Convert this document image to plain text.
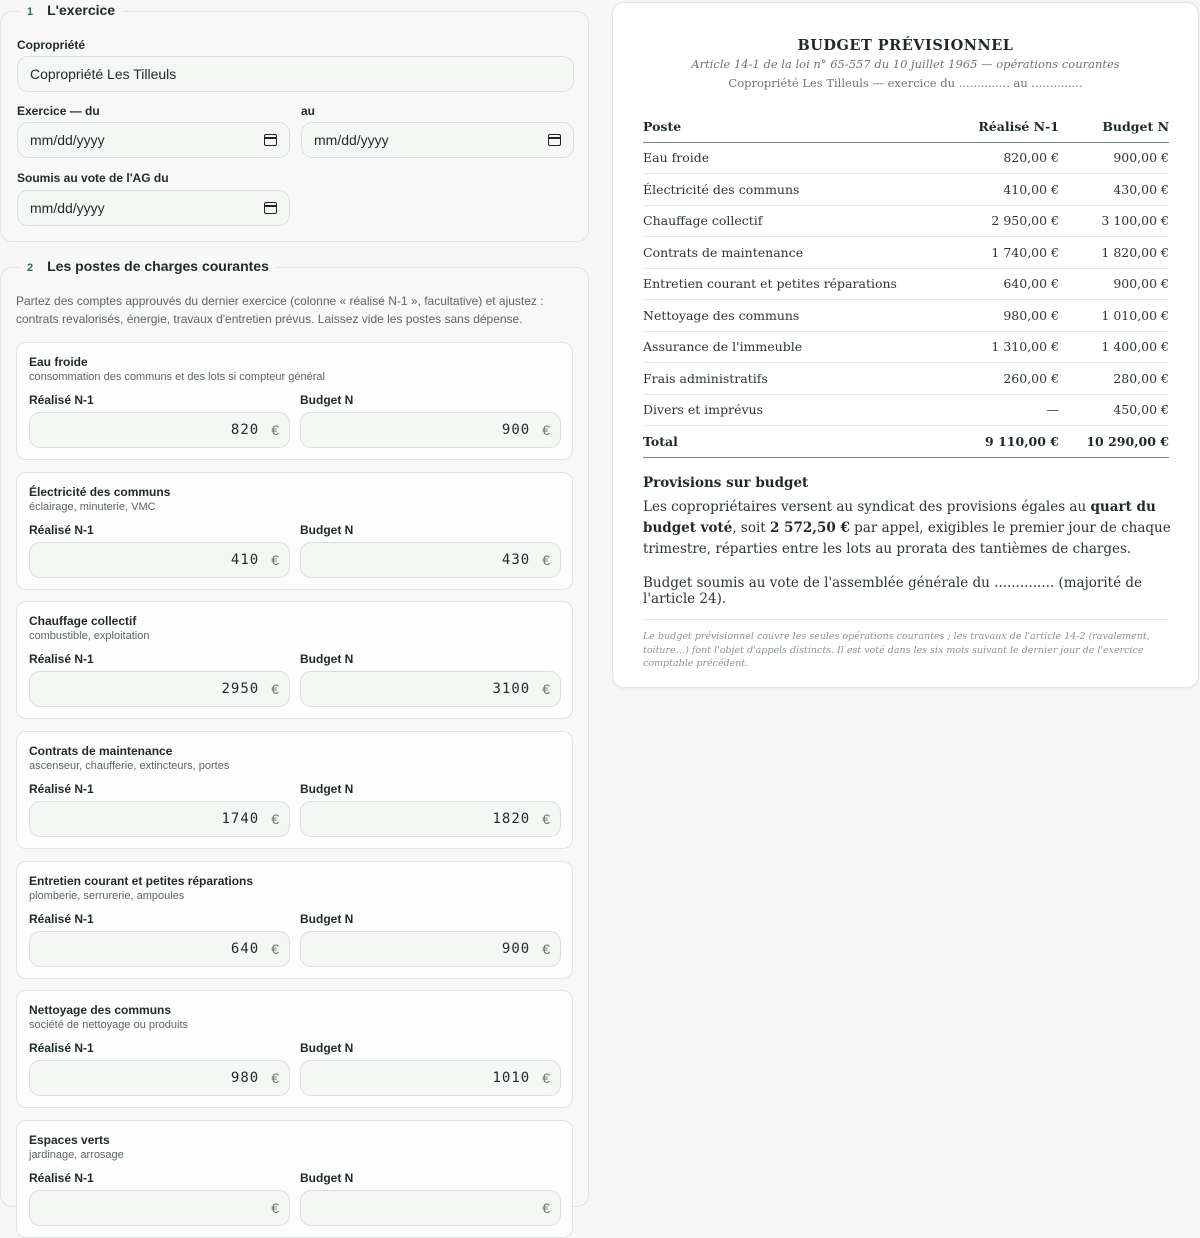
1 L'exercice
Copropriété
Copropriété Les Tilleuls
Exercice — du	au
mm/dd/yyyy	mm/dd/yyyy
Soumis au vote de l'AG du
mm/dd/yyyy
2 Les postes de charges courantes
Partez des comptes approuvés du dernier exercice (colonne « réalisé N-1 », facultative) et ajustez : contrats revalorisés, énergie, travaux d'entretien prévus. Laissez vide les postes sans dépense.
Eau froide
consommation des communs et des lots si compteur général
Réalisé N-1	Budget N
820 €	900 €
Électricité des communs
éclairage, minuterie, VMC
Réalisé N-1	Budget N
410 €	430 €
Chauffage collectif
combustible, exploitation
Réalisé N-1	Budget N
2950 €	3100 €
Contrats de maintenance
ascenseur, chaufferie, extincteurs, portes
Réalisé N-1	Budget N
1740 €	1820 €
Entretien courant et petites réparations
plomberie, serrurerie, ampoules
Réalisé N-1	Budget N
640 €	900 €
Nettoyage des communs
société de nettoyage ou produits
Réalisé N-1	Budget N
980 €	1010 €
Espaces verts
jardinage, arrosage
Réalisé N-1	Budget N
€	€
BUDGET PRÉVISIONNEL
Article 14-1 de la loi n° 65-557 du 10 juillet 1965 — opérations courantes
Copropriété Les Tilleuls — exercice du .............. au ..............
Poste	Réalisé N-1	Budget N
Eau froide	820,00 €	900,00 €
Électricité des communs	410,00 €	430,00 €
Chauffage collectif	2 950,00 €	3 100,00 €
Contrats de maintenance	1 740,00 €	1 820,00 €
Entretien courant et petites réparations	640,00 €	900,00 €
Nettoyage des communs	980,00 €	1 010,00 €
Assurance de l'immeuble	1 310,00 €	1 400,00 €
Frais administratifs	260,00 €	280,00 €
Divers et imprévus	—	450,00 €
Total	9 110,00 €	10 290,00 €
Provisions sur budget
Les copropriétaires versent au syndicat des provisions égales au quart du budget voté, soit 2 572,50 € par appel, exigibles le premier jour de chaque trimestre, réparties entre les lots au prorata des tantièmes de charges.
Budget soumis au vote de l'assemblée générale du .............. (majorité de l'article 24).
Le budget prévisionnel couvre les seules opérations courantes ; les travaux de l'article 14-2 (ravalement, toiture…) font l'objet d'appels distincts. Il est voté dans les six mois suivant le dernier jour de l'exercice comptable précédent.
